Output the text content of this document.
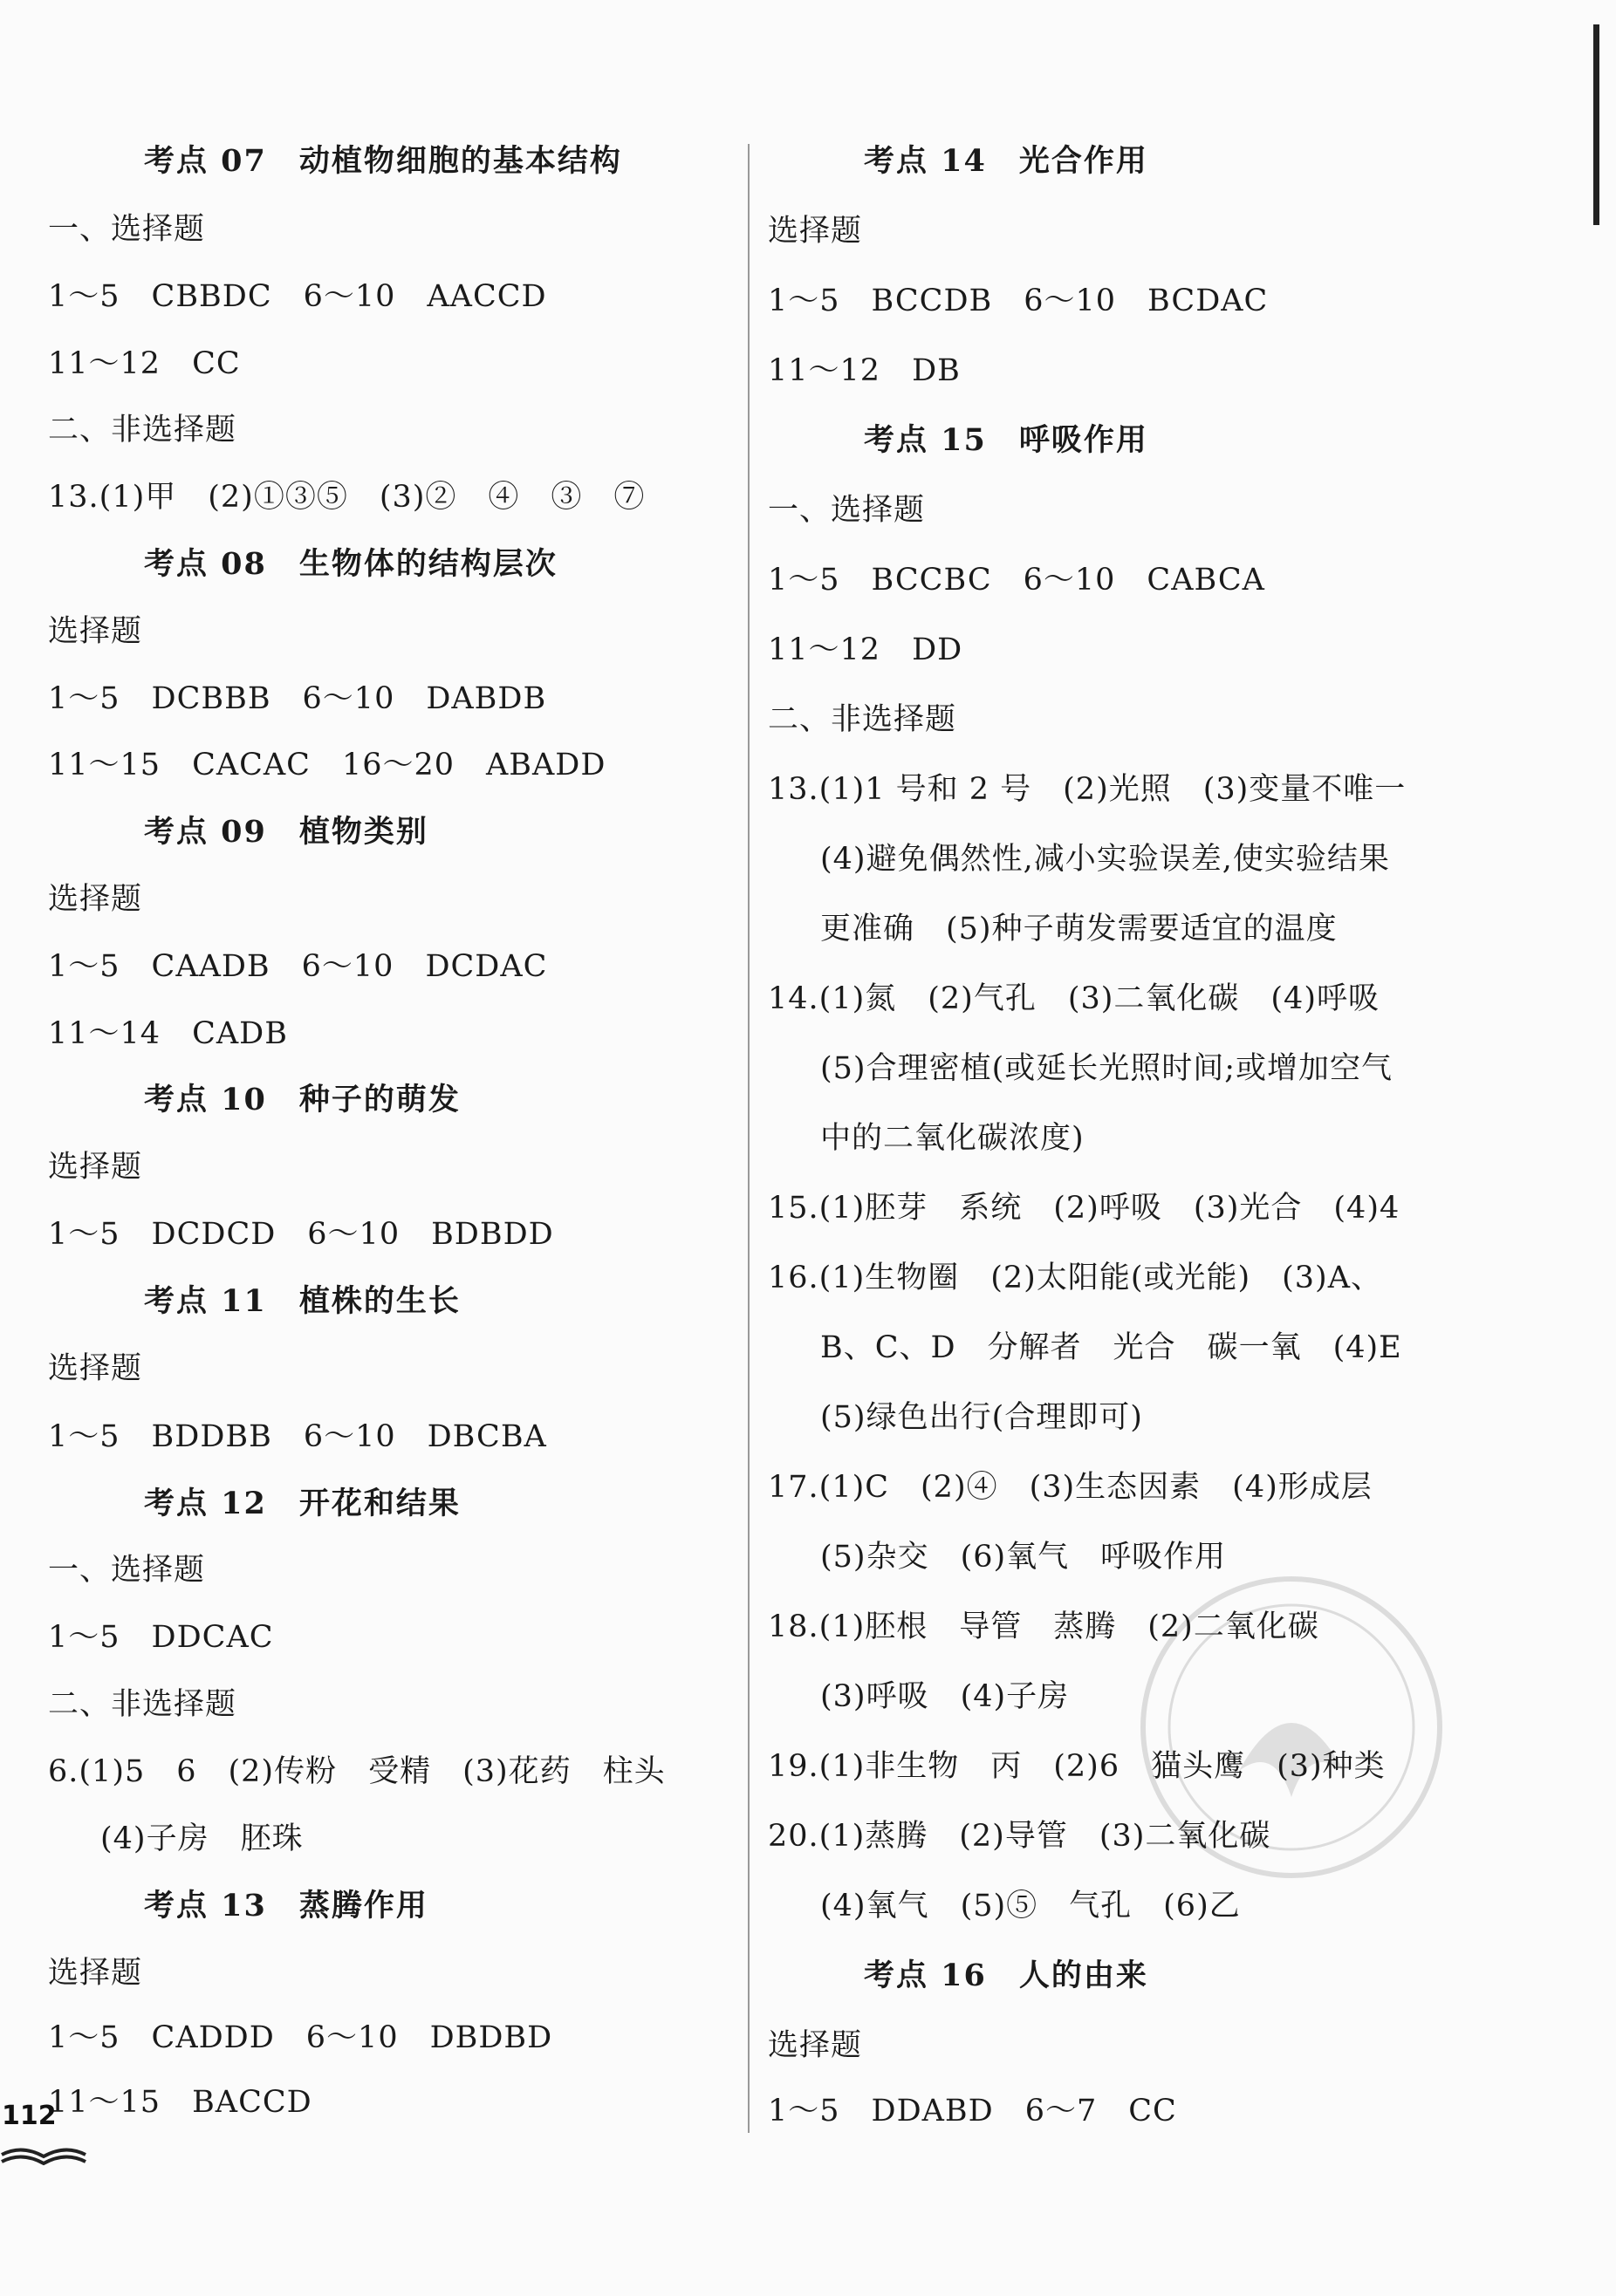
考点 07　动植物细胞的基本结构
一、选择题
1～5　CBBDC　6～10　AACCD
11～12　CC
二、非选择题
13.(1)甲　(2)①③⑤　(3)②　④　③　⑦
考点 08　生物体的结构层次
选择题
1～5　DCBBB　6～10　DABDB
11～15　CACAC　16～20　ABADD
考点 09　植物类别
选择题
1～5　CAADB　6～10　DCDAC
11～14　CADB
考点 10　种子的萌发
选择题
1～5　DCDCD　6～10　BDBDD
考点 11　植株的生长
选择题
1～5　BDDBB　6～10　DBCBA
考点 12　开花和结果
一、选择题
1～5　DDCAC
二、非选择题
6.(1)5　6　(2)传粉　受精　(3)花药　柱头
(4)子房　胚珠
考点 13　蒸腾作用
选择题
1～5　CADDD　6～10　DBDBD
11～15　BACCD
考点 14　光合作用
选择题
1～5　BCCDB　6～10　BCDAC
11～12　DB
考点 15　呼吸作用
一、选择题
1～5　BCCBC　6～10　CABCA
11～12　DD
二、非选择题
13.(1)1 号和 2 号　(2)光照　(3)变量不唯一
(4)避免偶然性,减小实验误差,使实验结果
更准确　(5)种子萌发需要适宜的温度
14.(1)氮　(2)气孔　(3)二氧化碳　(4)呼吸
(5)合理密植(或延长光照时间;或增加空气
中的二氧化碳浓度)
15.(1)胚芽　系统　(2)呼吸　(3)光合　(4)4
16.(1)生物圈　(2)太阳能(或光能)　(3)A、
B、C、D　分解者　光合　碳一氧　(4)E
(5)绿色出行(合理即可)
17.(1)C　(2)④　(3)生态因素　(4)形成层
(5)杂交　(6)氧气　呼吸作用
18.(1)胚根　导管　蒸腾　(2)二氧化碳
(3)呼吸　(4)子房
19.(1)非生物　丙　(2)6　猫头鹰　(3)种类
20.(1)蒸腾　(2)导管　(3)二氧化碳
(4)氧气　(5)⑤　气孔　(6)乙
考点 16　人的由来
选择题
1～5　DDABD　6～7　CC
112
